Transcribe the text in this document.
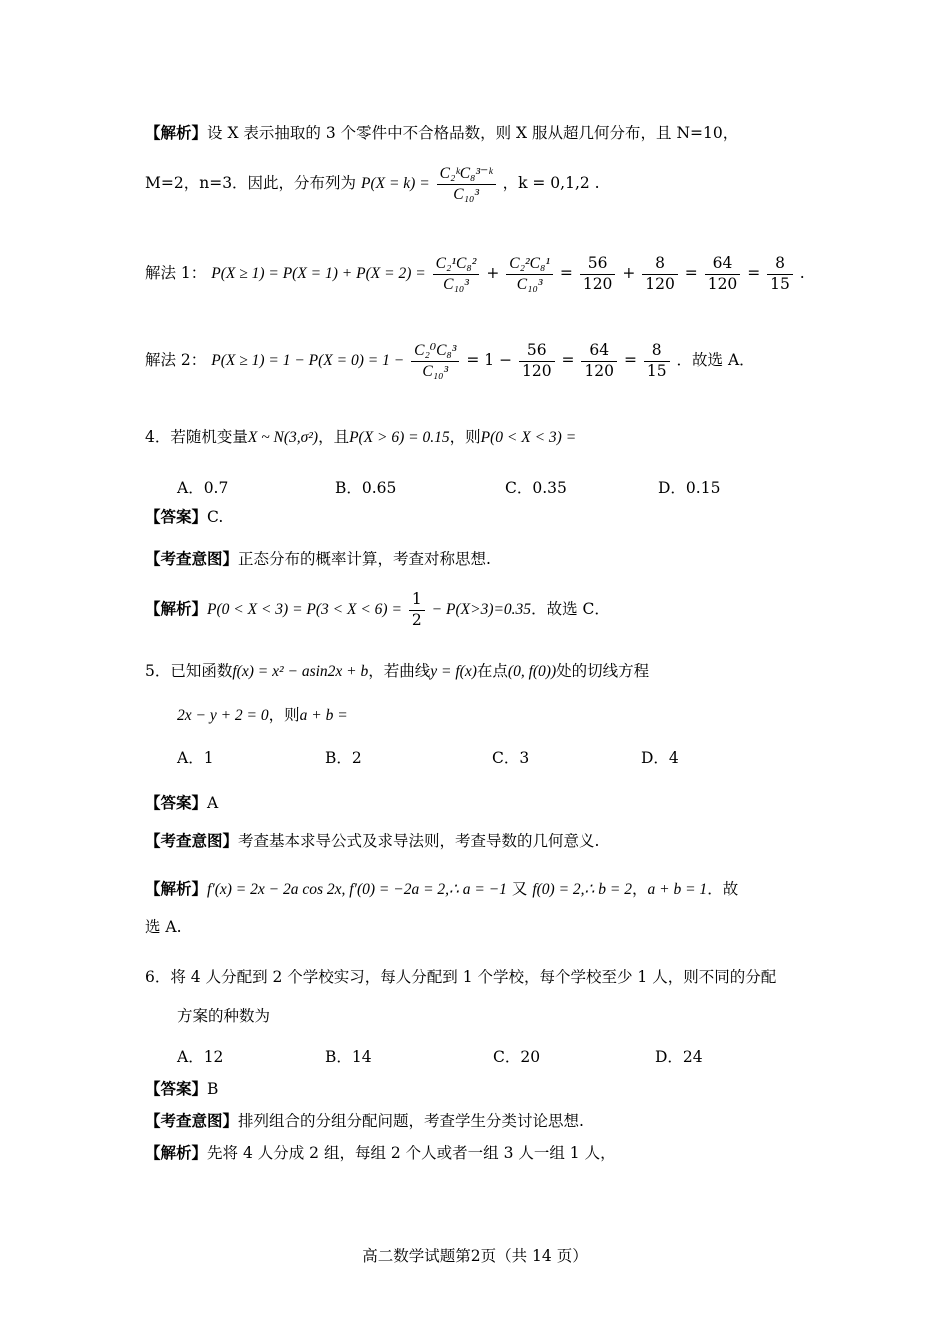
【解析】设 X 表示抽取的 3 个零件中不合格品数，则 X 服从超几何分布，且 N=10，
M=2，n=3．因此，分布列为 $P(X = k) = \frac{\text{C₂ᵏC₈³⁻ᵏ}}{\text{C₁₀³}}$ ，k = 0,1,2 .
解法 1： $P(X \ge 1) = P(X = 1) + P(X = 2) = \frac{\text{C₂¹C₈²}}{\text{C₁₀³}} + \frac{\text{C₂²C₈¹}}{\text{C₁₀³}} = \frac{56}{120} + \frac{8}{120} = \frac{64}{120} = \frac{8}{15}$ .
解法 2： $P(X \ge 1) = 1 - P(X = 0) = 1 - \frac{\text{C₂⁰C₈³}}{\text{C₁₀³}} = 1 - \frac{56}{120} = \frac{64}{120} = \frac{8}{15}$ ．故选 A．
4．若随机变量X ~ N(3,σ²)，且P(X > 6) = 0.15，则P(0 < X < 3) =
A．0.7	B．0.65	C．0.35	D．0.15
【答案】C.
【考查意图】正态分布的概率计算，考查对称思想.
【解析】$P(0 < X < 3) = P(3 < X < 6) = \frac{1}{2} - P(X>3)=0.35$．故选 C．
5．已知函数f(x) = x² − asin2x + b，若曲线y = f(x)在点(0, f(0))处的切线方程
2x − y + 2 = 0，则a + b =
A．1	B．2	C．3	D．4
【答案】A
【考查意图】考查基本求导公式及求导法则，考查导数的几何意义.
【解析】f′(x) = 2x − 2a cos 2x, f′(0) = −2a = 2,∴ a = −1 又 f(0) = 2,∴ b = 2，a + b = 1．故
选 A.
6．将 4 人分配到 2 个学校实习，每人分配到 1 个学校，每个学校至少 1 人，则不同的分配
方案的种数为
A．12	B．14	C．20	D．24
【答案】B
【考查意图】排列组合的分组分配问题，考查学生分类讨论思想.
【解析】先将 4 人分成 2 组，每组 2 个人或者一组 3 人一组 1 人，
高二数学试题第2页（共 14 页）
